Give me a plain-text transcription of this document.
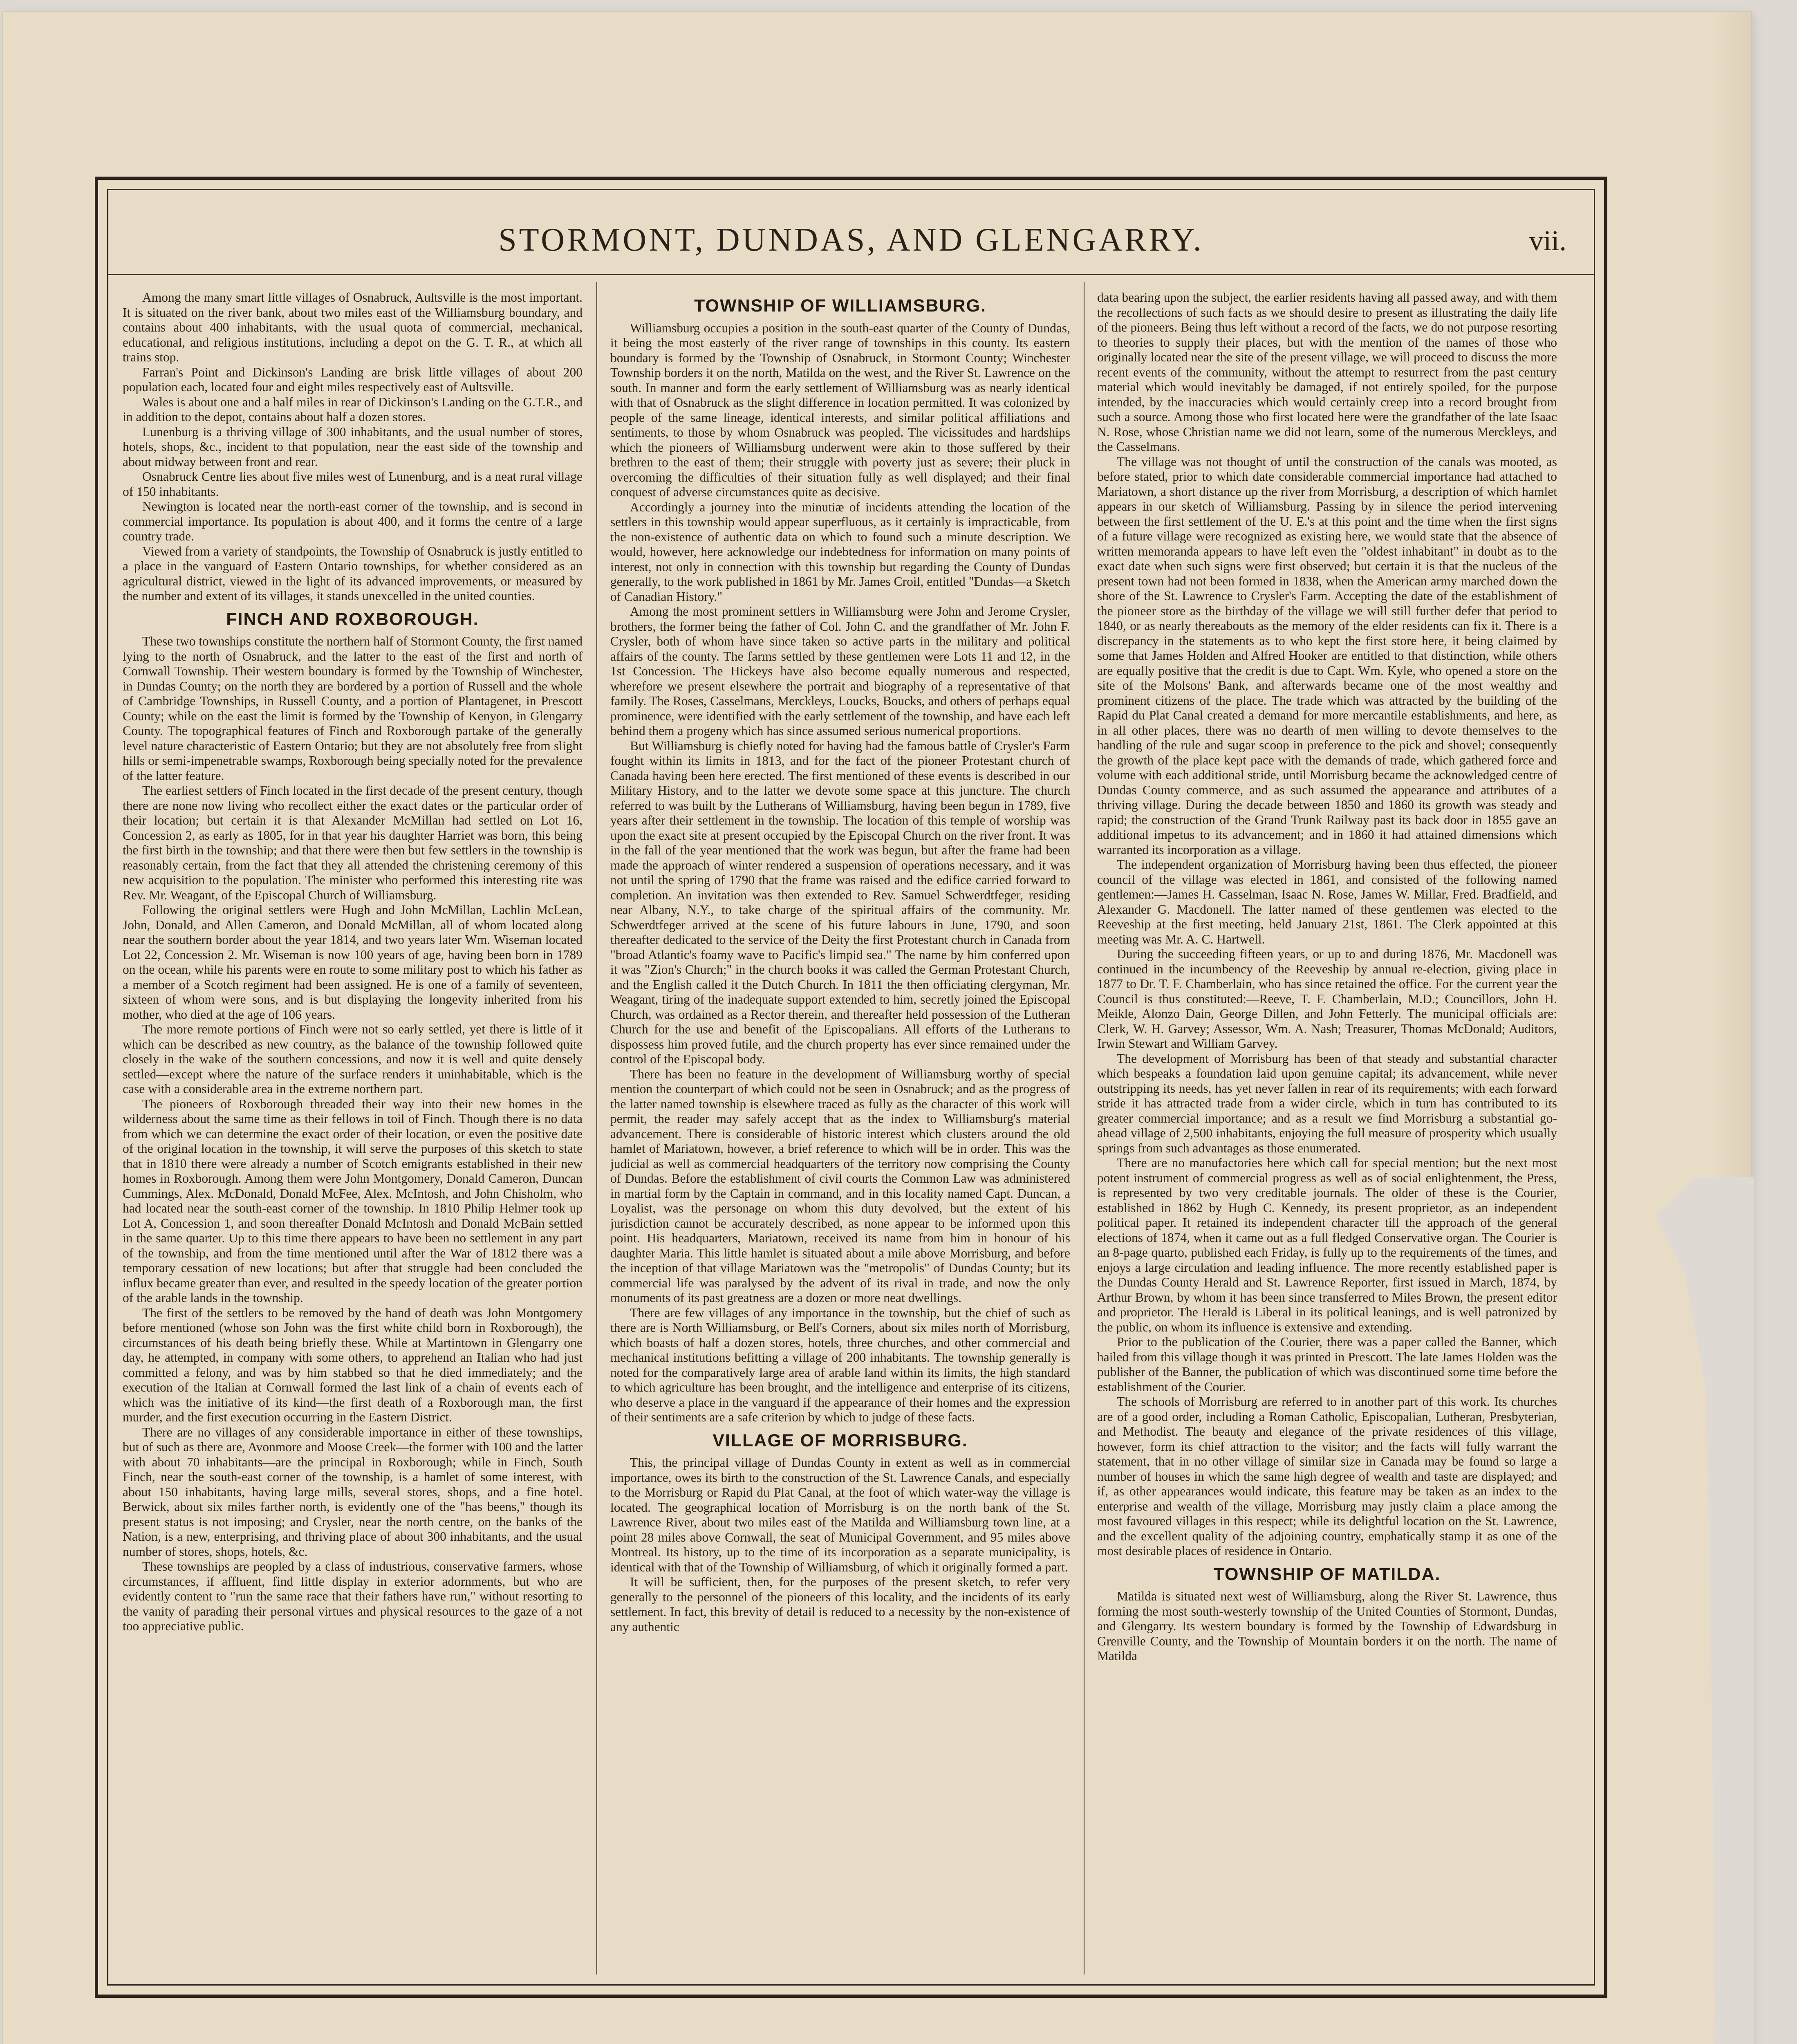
STORMONT, DUNDAS, AND GLENGARRY.	vii.

Among the many smart little villages of Osnabruck, Aultsville is the most important. It is situated on the river bank, about two miles east of the Williamsburg boundary, and contains about 400 inhabitants, with the usual quota of commercial, mechanical, educational, and religious institutions, including a depot on the G. T. R., at which all trains stop.

Farran's Point and Dickinson's Landing are brisk little villages of about 200 population each, located four and eight miles respectively east of Aultsville.

Wales is about one and a half miles in rear of Dickinson's Landing on the G.T.R., and in addition to the depot, contains about half a dozen stores.

Lunenburg is a thriving village of 300 inhabitants, and the usual number of stores, hotels, shops, &c., incident to that population, near the east side of the township and about midway between front and rear.

Osnabruck Centre lies about five miles west of Lunenburg, and is a neat rural village of 150 inhabitants.

Newington is located near the north-east corner of the township, and is second in commercial importance. Its population is about 400, and it forms the centre of a large country trade.

Viewed from a variety of standpoints, the Township of Osnabruck is justly entitled to a place in the vanguard of Eastern Ontario townships, for whether considered as an agricultural district, viewed in the light of its advanced improvements, or measured by the number and extent of its villages, it stands unexcelled in the united counties.

FINCH AND ROXBOROUGH.

These two townships constitute the northern half of Stormont County, the first named lying to the north of Osnabruck, and the latter to the east of the first and north of Cornwall Township. Their western boundary is formed by the Township of Winchester, in Dundas County; on the north they are bordered by a portion of Russell and the whole of Cambridge Townships, in Russell County, and a portion of Plantagenet, in Prescott County; while on the east the limit is formed by the Township of Kenyon, in Glengarry County. The topographical features of Finch and Roxborough partake of the generally level nature characteristic of Eastern Ontario; but they are not absolutely free from slight hills or semi-impenetrable swamps, Roxborough being specially noted for the prevalence of the latter feature.

The earliest settlers of Finch located in the first decade of the present century, though there are none now living who recollect either the exact dates or the particular order of their location; but certain it is that Alexander McMillan had settled on Lot 16, Concession 2, as early as 1805, for in that year his daughter Harriet was born, this being the first birth in the township; and that there were then but few settlers in the township is reasonably certain, from the fact that they all attended the christening ceremony of this new acquisition to the population. The minister who performed this interesting rite was Rev. Mr. Weagant, of the Episcopal Church of Williamsburg.

Following the original settlers were Hugh and John McMillan, Lachlin McLean, John, Donald, and Allen Cameron, and Donald McMillan, all of whom located along near the southern border about the year 1814, and two years later Wm. Wiseman located Lot 22, Concession 2. Mr. Wiseman is now 100 years of age, having been born in 1789 on the ocean, while his parents were en route to some military post to which his father as a member of a Scotch regiment had been assigned. He is one of a family of seventeen, sixteen of whom were sons, and is but displaying the longevity inherited from his mother, who died at the age of 106 years.

The more remote portions of Finch were not so early settled, yet there is little of it which can be described as new country, as the balance of the township followed quite closely in the wake of the southern concessions, and now it is well and quite densely settled—except where the nature of the surface renders it uninhabitable, which is the case with a considerable area in the extreme northern part.

The pioneers of Roxborough threaded their way into their new homes in the wilderness about the same time as their fellows in toil of Finch. Though there is no data from which we can determine the exact order of their location, or even the positive date of the original location in the township, it will serve the purposes of this sketch to state that in 1810 there were already a number of Scotch emigrants established in their new homes in Roxborough. Among them were John Montgomery, Donald Cameron, Duncan Cummings, Alex. McDonald, Donald McFee, Alex. McIntosh, and John Chisholm, who had located near the south-east corner of the township. In 1810 Philip Helmer took up Lot A, Concession 1, and soon thereafter Donald McIntosh and Donald McBain settled in the same quarter. Up to this time there appears to have been no settlement in any part of the township, and from the time mentioned until after the War of 1812 there was a temporary cessation of new locations; but after that struggle had been concluded the influx became greater than ever, and resulted in the speedy location of the greater portion of the arable lands in the township.

The first of the settlers to be removed by the hand of death was John Montgomery before mentioned (whose son John was the first white child born in Roxborough), the circumstances of his death being briefly these. While at Martintown in Glengarry one day, he attempted, in company with some others, to apprehend an Italian who had just committed a felony, and was by him stabbed so that he died immediately; and the execution of the Italian at Cornwall formed the last link of a chain of events each of which was the initiative of its kind—the first death of a Roxborough man, the first murder, and the first execution occurring in the Eastern District.

There are no villages of any considerable importance in either of these townships, but of such as there are, Avonmore and Moose Creek—the former with 100 and the latter with about 70 inhabitants—are the principal in Roxborough; while in Finch, South Finch, near the south-east corner of the township, is a hamlet of some interest, with about 150 inhabitants, having large mills, several stores, shops, and a fine hotel. Berwick, about six miles farther north, is evidently one of the "has beens," though its present status is not imposing; and Crysler, near the north centre, on the banks of the Nation, is a new, enterprising, and thriving place of about 300 inhabitants, and the usual number of stores, shops, hotels, &c.

These townships are peopled by a class of industrious, conservative farmers, whose circumstances, if affluent, find little display in exterior adornments, but who are evidently content to "run the same race that their fathers have run," without resorting to the vanity of parading their personal virtues and physical resources to the gaze of a not too appreciative public.

TOWNSHIP OF WILLIAMSBURG.

Williamsburg occupies a position in the south-east quarter of the County of Dundas, it being the most easterly of the river range of townships in this county. Its eastern boundary is formed by the Township of Osnabruck, in Stormont County; Winchester Township borders it on the north, Matilda on the west, and the River St. Lawrence on the south. In manner and form the early settlement of Williamsburg was as nearly identical with that of Osnabruck as the slight difference in location permitted. It was colonized by people of the same lineage, identical interests, and similar political affiliations and sentiments, to those by whom Osnabruck was peopled. The vicissitudes and hardships which the pioneers of Williamsburg underwent were akin to those suffered by their brethren to the east of them; their struggle with poverty just as severe; their pluck in overcoming the difficulties of their situation fully as well displayed; and their final conquest of adverse circumstances quite as decisive.

Accordingly a journey into the minutiæ of incidents attending the location of the settlers in this township would appear superfluous, as it certainly is impracticable, from the non-existence of authentic data on which to found such a minute description. We would, however, here acknowledge our indebtedness for information on many points of interest, not only in connection with this township but regarding the County of Dundas generally, to the work published in 1861 by Mr. James Croil, entitled "Dundas—a Sketch of Canadian History."

Among the most prominent settlers in Williamsburg were John and Jerome Crysler, brothers, the former being the father of Col. John C. and the grandfather of Mr. John F. Crysler, both of whom have since taken so active parts in the military and political affairs of the county. The farms settled by these gentlemen were Lots 11 and 12, in the 1st Concession. The Hickeys have also become equally numerous and respected, wherefore we present elsewhere the portrait and biography of a representative of that family. The Roses, Casselmans, Merckleys, Loucks, Boucks, and others of perhaps equal prominence, were identified with the early settlement of the township, and have each left behind them a progeny which has since assumed serious numerical proportions.

But Williamsburg is chiefly noted for having had the famous battle of Crysler's Farm fought within its limits in 1813, and for the fact of the pioneer Protestant church of Canada having been here erected. The first mentioned of these events is described in our Military History, and to the latter we devote some space at this juncture. The church referred to was built by the Lutherans of Williamsburg, having been begun in 1789, five years after their settlement in the township. The location of this temple of worship was upon the exact site at present occupied by the Episcopal Church on the river front. It was in the fall of the year mentioned that the work was begun, but after the frame had been made the approach of winter rendered a suspension of operations necessary, and it was not until the spring of 1790 that the frame was raised and the edifice carried forward to completion. An invitation was then extended to Rev. Samuel Schwerdtfeger, residing near Albany, N.Y., to take charge of the spiritual affairs of the community. Mr. Schwerdtfeger arrived at the scene of his future labours in June, 1790, and soon thereafter dedicated to the service of the Deity the first Protestant church in Canada from "broad Atlantic's foamy wave to Pacific's limpid sea." The name by him conferred upon it was "Zion's Church;" in the church books it was called the German Protestant Church, and the English called it the Dutch Church. In 1811 the then officiating clergyman, Mr. Weagant, tiring of the inadequate support extended to him, secretly joined the Episcopal Church, was ordained as a Rector therein, and thereafter held possession of the Lutheran Church for the use and benefit of the Episcopalians. All efforts of the Lutherans to dispossess him proved futile, and the church property has ever since remained under the control of the Episcopal body.

There has been no feature in the development of Williamsburg worthy of special mention the counterpart of which could not be seen in Osnabruck; and as the progress of the latter named township is elsewhere traced as fully as the character of this work will permit, the reader may safely accept that as the index to Williamsburg's material advancement. There is considerable of historic interest which clusters around the old hamlet of Mariatown, however, a brief reference to which will be in order. This was the judicial as well as commercial headquarters of the territory now comprising the County of Dundas. Before the establishment of civil courts the Common Law was administered in martial form by the Captain in command, and in this locality named Capt. Duncan, a Loyalist, was the personage on whom this duty devolved, but the extent of his jurisdiction cannot be accurately described, as none appear to be informed upon this point. His headquarters, Mariatown, received its name from him in honour of his daughter Maria. This little hamlet is situated about a mile above Morrisburg, and before the inception of that village Mariatown was the "metropolis" of Dundas County; but its commercial life was paralysed by the advent of its rival in trade, and now the only monuments of its past greatness are a dozen or more neat dwellings.

There are few villages of any importance in the township, but the chief of such as there are is North Williamsburg, or Bell's Corners, about six miles north of Morrisburg, which boasts of half a dozen stores, hotels, three churches, and other commercial and mechanical institutions befitting a village of 200 inhabitants. The township generally is noted for the comparatively large area of arable land within its limits, the high standard to which agriculture has been brought, and the intelligence and enterprise of its citizens, who deserve a place in the vanguard if the appearance of their homes and the expression of their sentiments are a safe criterion by which to judge of these facts.

VILLAGE OF MORRISBURG.

This, the principal village of Dundas County in extent as well as in commercial importance, owes its birth to the construction of the St. Lawrence Canals, and especially to the Morrisburg or Rapid du Plat Canal, at the foot of which water-way the village is located. The geographical location of Morrisburg is on the north bank of the St. Lawrence River, about two miles east of the Matilda and Williamsburg town line, at a point 28 miles above Cornwall, the seat of Municipal Government, and 95 miles above Montreal. Its history, up to the time of its incorporation as a separate municipality, is identical with that of the Township of Williamsburg, of which it originally formed a part.

It will be sufficient, then, for the purposes of the present sketch, to refer very generally to the personnel of the pioneers of this locality, and the incidents of its early settlement. In fact, this brevity of detail is reduced to a necessity by the non-existence of any authentic

data bearing upon the subject, the earlier residents having all passed away, and with them the recollections of such facts as we should desire to present as illustrating the daily life of the pioneers. Being thus left without a record of the facts, we do not purpose resorting to theories to supply their places, but with the mention of the names of those who originally located near the site of the present village, we will proceed to discuss the more recent events of the community, without the attempt to resurrect from the past century material which would inevitably be damaged, if not entirely spoiled, for the purpose intended, by the inaccuracies which would certainly creep into a record brought from such a source. Among those who first located here were the grandfather of the late Isaac N. Rose, whose Christian name we did not learn, some of the numerous Merckleys, and the Casselmans.

The village was not thought of until the construction of the canals was mooted, as before stated, prior to which date considerable commercial importance had attached to Mariatown, a short distance up the river from Morrisburg, a description of which hamlet appears in our sketch of Williamsburg. Passing by in silence the period intervening between the first settlement of the U. E.'s at this point and the time when the first signs of a future village were recognized as existing here, we would state that the absence of written memoranda appears to have left even the "oldest inhabitant" in doubt as to the exact date when such signs were first observed; but certain it is that the nucleus of the present town had not been formed in 1838, when the American army marched down the shore of the St. Lawrence to Crysler's Farm. Accepting the date of the establishment of the pioneer store as the birthday of the village we will still further defer that period to 1840, or as nearly thereabouts as the memory of the elder residents can fix it. There is a discrepancy in the statements as to who kept the first store here, it being claimed by some that James Holden and Alfred Hooker are entitled to that distinction, while others are equally positive that the credit is due to Capt. Wm. Kyle, who opened a store on the site of the Molsons' Bank, and afterwards became one of the most wealthy and prominent citizens of the place. The trade which was attracted by the building of the Rapid du Plat Canal created a demand for more mercantile establishments, and here, as in all other places, there was no dearth of men willing to devote themselves to the handling of the rule and sugar scoop in preference to the pick and shovel; consequently the growth of the place kept pace with the demands of trade, which gathered force and volume with each additional stride, until Morrisburg became the acknowledged centre of Dundas County commerce, and as such assumed the appearance and attributes of a thriving village. During the decade between 1850 and 1860 its growth was steady and rapid; the construction of the Grand Trunk Railway past its back door in 1855 gave an additional impetus to its advancement; and in 1860 it had attained dimensions which warranted its incorporation as a village.

The independent organization of Morrisburg having been thus effected, the pioneer council of the village was elected in 1861, and consisted of the following named gentlemen:—James H. Casselman, Isaac N. Rose, James W. Millar, Fred. Bradfield, and Alexander G. Macdonell. The latter named of these gentlemen was elected to the Reeveship at the first meeting, held January 21st, 1861. The Clerk appointed at this meeting was Mr. A. C. Hartwell.

During the succeeding fifteen years, or up to and during 1876, Mr. Macdonell was continued in the incumbency of the Reeveship by annual re-election, giving place in 1877 to Dr. T. F. Chamberlain, who has since retained the office. For the current year the Council is thus constituted:—Reeve, T. F. Chamberlain, M.D.; Councillors, John H. Meikle, Alonzo Dain, George Dillen, and John Fetterly. The municipal officials are: Clerk, W. H. Garvey; Assessor, Wm. A. Nash; Treasurer, Thomas McDonald; Auditors, Irwin Stewart and William Garvey.

The development of Morrisburg has been of that steady and substantial character which bespeaks a foundation laid upon genuine capital; its advancement, while never outstripping its needs, has yet never fallen in rear of its requirements; with each forward stride it has attracted trade from a wider circle, which in turn has contributed to its greater commercial importance; and as a result we find Morrisburg a substantial go-ahead village of 2,500 inhabitants, enjoying the full measure of prosperity which usually springs from such advantages as those enumerated.

There are no manufactories here which call for special mention; but the next most potent instrument of commercial progress as well as of social enlightenment, the Press, is represented by two very creditable journals. The older of these is the Courier, established in 1862 by Hugh C. Kennedy, its present proprietor, as an independent political paper. It retained its independent character till the approach of the general elections of 1874, when it came out as a full fledged Conservative organ. The Courier is an 8-page quarto, published each Friday, is fully up to the requirements of the times, and enjoys a large circulation and leading influence. The more recently established paper is the Dundas County Herald and St. Lawrence Reporter, first issued in March, 1874, by Arthur Brown, by whom it has been since transferred to Miles Brown, the present editor and proprietor. The Herald is Liberal in its political leanings, and is well patronized by the public, on whom its influence is extensive and extending.

Prior to the publication of the Courier, there was a paper called the Banner, which hailed from this village though it was printed in Prescott. The late James Holden was the publisher of the Banner, the publication of which was discontinued some time before the establishment of the Courier.

The schools of Morrisburg are referred to in another part of this work. Its churches are of a good order, including a Roman Catholic, Episcopalian, Lutheran, Presbyterian, and Methodist. The beauty and elegance of the private residences of this village, however, form its chief attraction to the visitor; and the facts will fully warrant the statement, that in no other village of similar size in Canada may be found so large a number of houses in which the same high degree of wealth and taste are displayed; and if, as other appearances would indicate, this feature may be taken as an index to the enterprise and wealth of the village, Morrisburg may justly claim a place among the most favoured villages in this respect; while its delightful location on the St. Lawrence, and the excellent quality of the adjoining country, emphatically stamp it as one of the most desirable places of residence in Ontario.

TOWNSHIP OF MATILDA.

Matilda is situated next west of Williamsburg, along the River St. Lawrence, thus forming the most south-westerly township of the United Counties of Stormont, Dundas, and Glengarry. Its western boundary is formed by the Township of Edwardsburg in Grenville County, and the Township of Mountain borders it on the north. The name of Matilda
